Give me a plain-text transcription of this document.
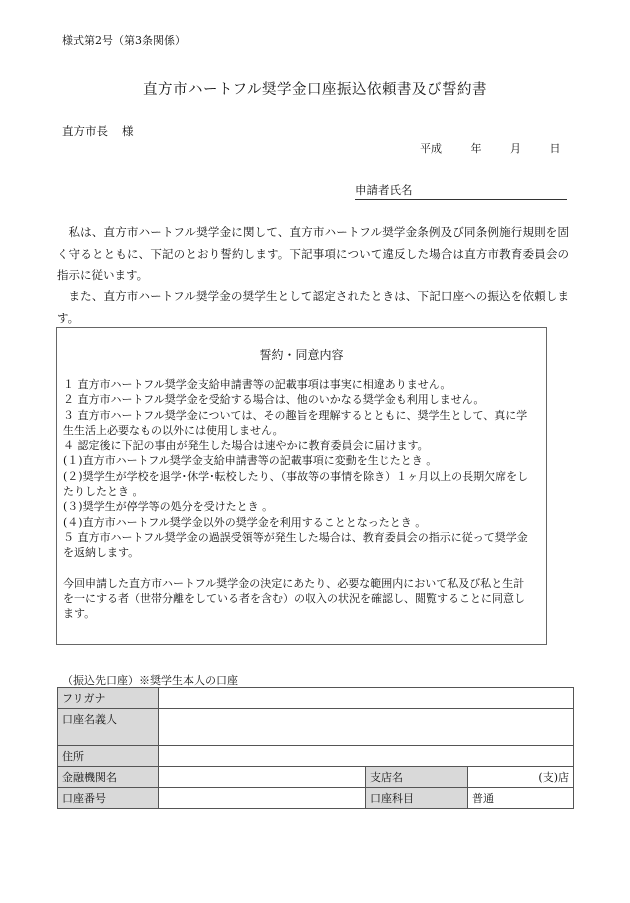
様式第2号（第3条関係）
直方市ハートフル奨学金口座振込依頼書及び誓約書
直方市長 様
平成	年	月	日
申請者氏名
私は、直方市ハートフル奨学金に関して、直方市ハートフル奨学金条例及び同条例施行規則を固く守るとともに、下記のとおり誓約します。下記事項について違反した場合は直方市教育委員会の指示に従います。
また、直方市ハートフル奨学金の奨学生として認定されたときは、下記口座への振込を依頼します。
誓約・同意内容
１ 直方市ハートフル奨学金支給申請書等の記載事項は事実に相違ありません。
２ 直方市ハートフル奨学金を受給する場合は、他のいかなる奨学金も利用しません。
３ 直方市ハートフル奨学金については、その趣旨を理解するとともに、奨学生として、真に学生生活上必要なもの以外には使用しません。
４ 認定後に下記の事由が発生した場合は速やかに教育委員会に届けます。
(１)直方市ハートフル奨学金支給申請書等の記載事項に変動を生じたとき 。
(２)奨学生が学校を退学･休学･転校したり、（事故等の事情を除き）１ヶ月以上の長期欠席をしたりしたとき 。
(３)奨学生が停学等の処分を受けたとき 。
(４)直方市ハートフル奨学金以外の奨学金を利用することとなったとき 。
５ 直方市ハートフル奨学金の過誤受領等が発生した場合は、教育委員会の指示に従って奨学金を返納します。
今回申請した直方市ハートフル奨学金の決定にあたり、必要な範囲内において私及び私と生計を一にする者（世帯分離をしている者を含む）の収入の状況を確認し、閲覧することに同意します。
（振込先口座）※奨学生本人の口座
フリガナ			
口座名義人			
住所			
金融機関名		支店名	(支)店
口座番号		口座科目	普通
